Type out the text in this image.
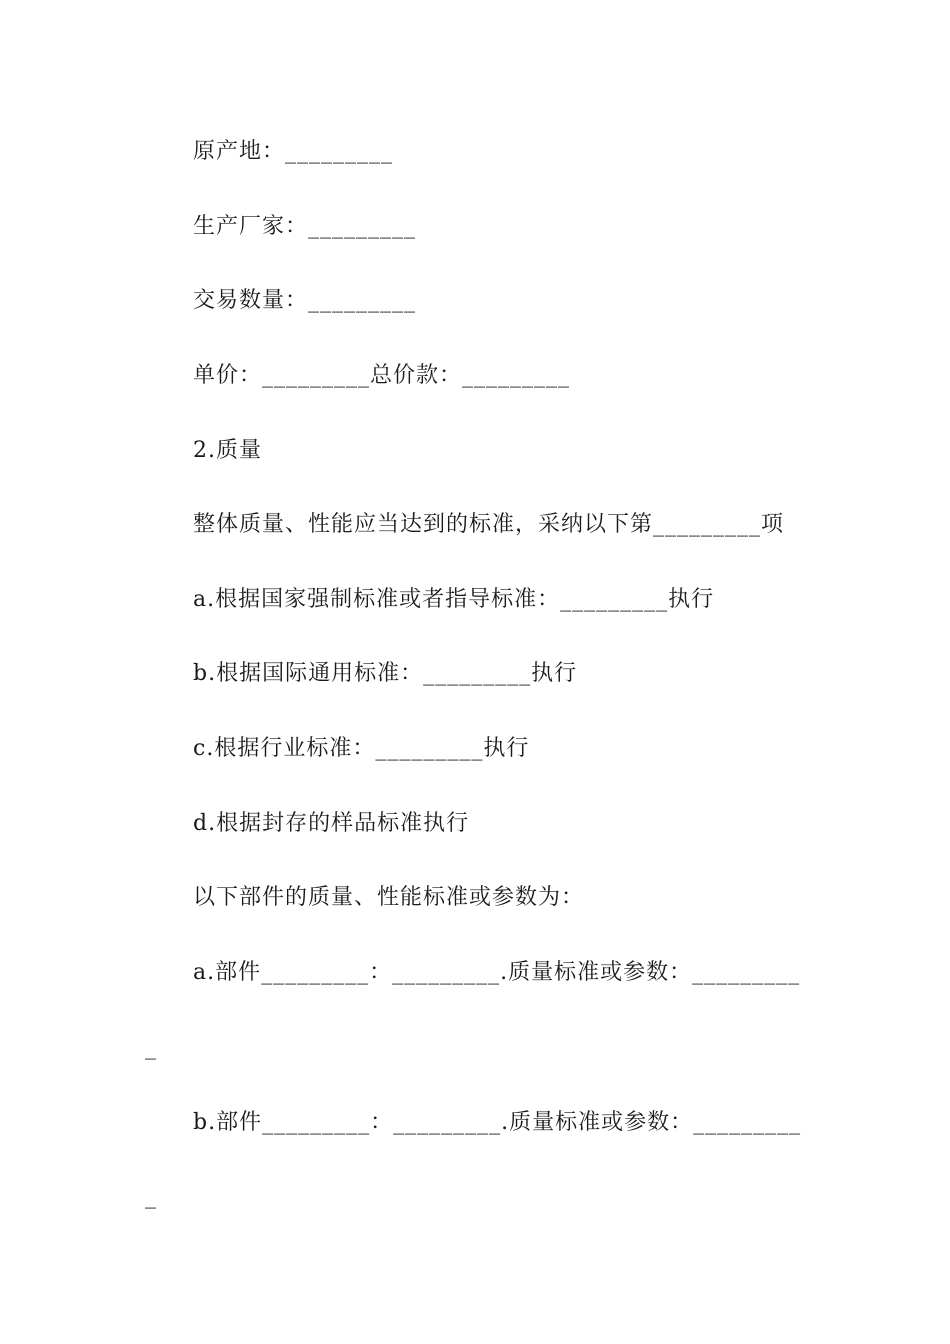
原产地：_________
生产厂家：_________
交易数量：_________
单价：_________总价款：_________
2.质量
整体质量、性能应当达到的标准，采纳以下第_________项
a.根据国家强制标准或者指导标准：_________执行
b.根据国际通用标准：_________执行
c.根据行业标准：_________执行
d.根据封存的样品标准执行
以下部件的质量、性能标准或参数为：
a.部件_________：_________.质量标准或参数：_________
_
b.部件_________：_________.质量标准或参数：_________
_
